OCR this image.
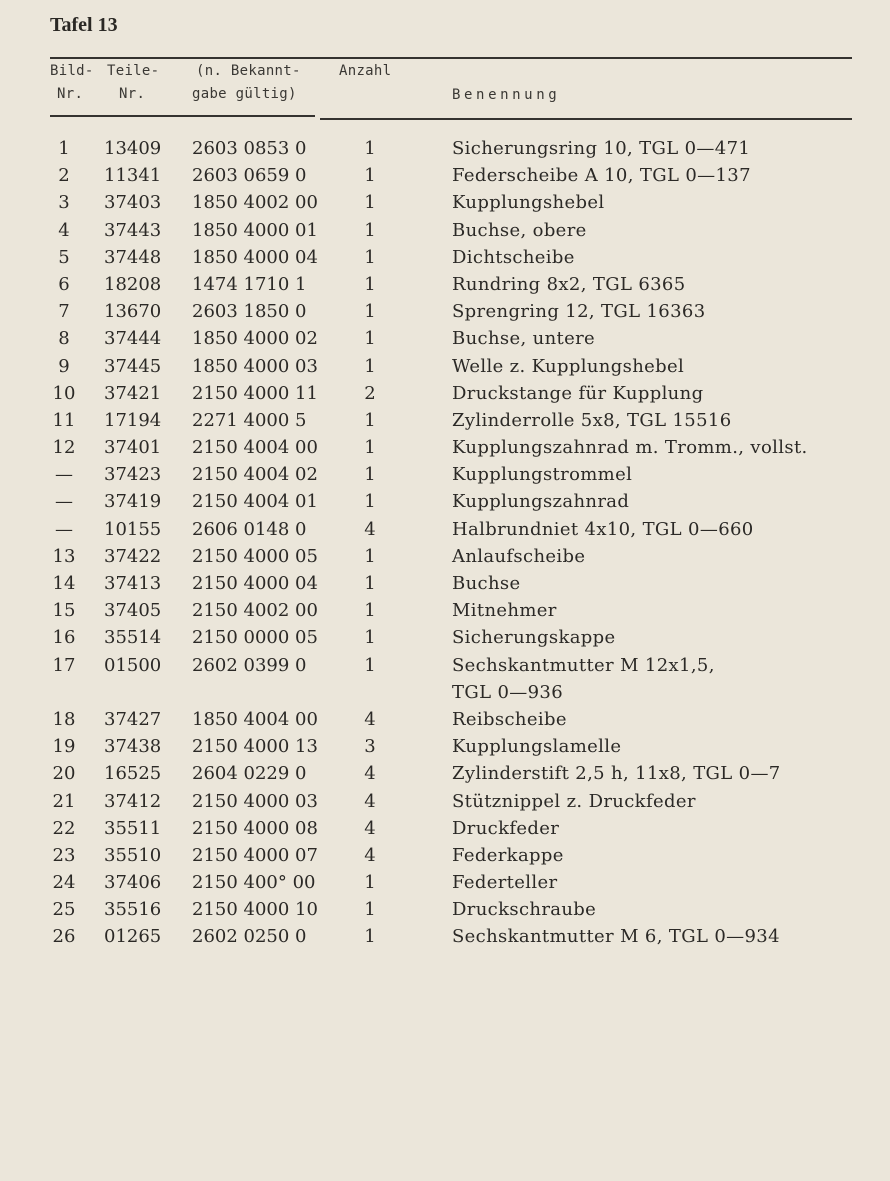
Tafel 13
Bild-
Nr.
Teile-
Nr.
(n. Bekannt-
gabe gültig)
Anzahl
Benennung
1	13409 2603 0853 0	1	Sicherungsring 10, TGL 0—471
2	11341 2603 0659 0	1	Federscheibe A 10, TGL 0—137
3	37403 1850 4002 00	1	Kupplungshebel
4	37443 1850 4000 01	1	Buchse, obere
5	37448 1850 4000 04	1	Dichtscheibe
6	18208 1474 1710 1	1	Rundring 8x2, TGL 6365
7	13670 2603 1850 0	1	Sprengring 12, TGL 16363
8	37444 1850 4000 02	1	Buchse, untere
9	37445 1850 4000 03	1	Welle z. Kupplungshebel
10	37421 2150 4000 11	2	Druckstange für Kupplung
11	17194 2271 4000 5	1	Zylinderrolle 5x8, TGL 15516
12	37401 2150 4004 00	1	Kupplungszahnrad m. Tromm., vollst.
—	37423 2150 4004 02	1	Kupplungstrommel
—	37419 2150 4004 01	1	Kupplungszahnrad
—	10155 2606 0148 0	4	Halbrundniet 4x10, TGL 0—660
13	37422 2150 4000 05	1	Anlaufscheibe
14	37413 2150 4000 04	1	Buchse
15	37405 2150 4002 00	1	Mitnehmer
16	35514 2150 0000 05	1	Sicherungskappe
17	01500 2602 0399 0	1	Sechskantmutter M 12x1,5,
TGL 0—936
18	37427 1850 4004 00	4	Reibscheibe
19	37438 2150 4000 13	3	Kupplungslamelle
20	16525 2604 0229 0	4	Zylinderstift 2,5 h, 11x8, TGL 0—7
21	37412 2150 4000 03	4	Stütznippel z. Druckfeder
22	35511 2150 4000 08	4	Druckfeder
23	35510 2150 4000 07	4	Federkappe
24	37406 2150 400° 00	1	Federteller
25	35516 2150 4000 10	1	Druckschraube
26	01265 2602 0250 0	1	Sechskantmutter M 6, TGL 0—934
